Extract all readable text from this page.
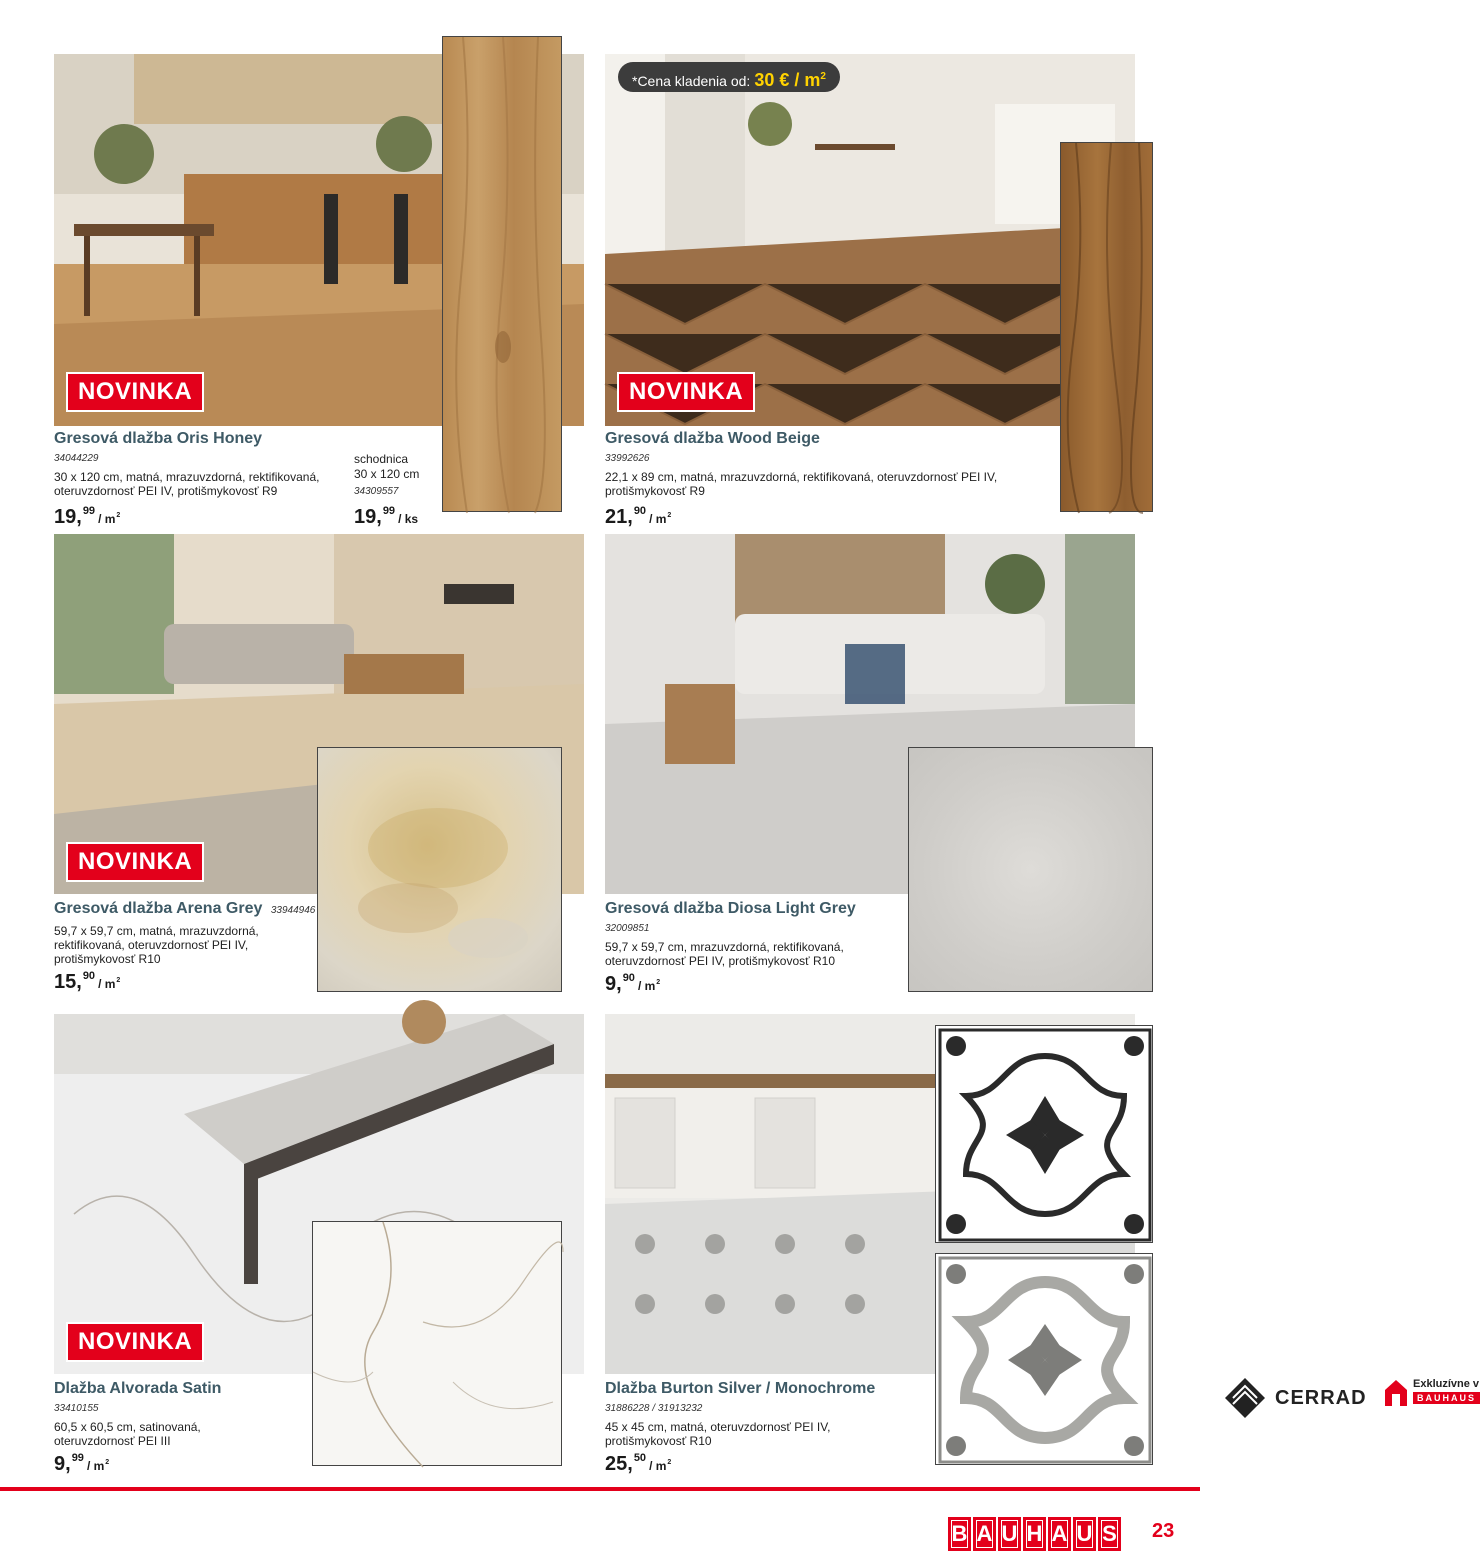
NOVINKA
Gresová dlažba Oris Honey
34044229
30 x 120 cm, matná, mrazuvzdorná, rektifikovaná, oteruvzdornosť PEI IV, protišmykovosť R9
19,99/ $m^2$
schodnica
30 x 120 cm
34309557
19,99/ ks
NOVINKA
*Cena kladenia od: 30 € / $m^2$
Gresová dlažba Wood Beige
33992626
22,1 x 89 cm, matná, mrazuvzdorná, rektifikovaná, oteruvzdornosť PEI IV, protišmykovosť R9
21,90/ $m^2$
NOVINKA
Gresová dlažba Arena Grey 33944946
59,7 x 59,7 cm, matná, mrazuvzdorná, rektifikovaná, oteruvzdornosť PEI IV, protišmykovosť R10
15,90/ $m^2$
CERRAD
Exkluzívne v
BAUHAUS
Gresová dlažba Diosa Light Grey
32009851
59,7 x 59,7 cm, mrazuvzdorná, rektifikovaná, oteruvzdornosť PEI IV, protišmykovosť R10
9,90/ $m^2$
NOVINKA
Dlažba Alvorada Satin
33410155
60,5 x 60,5 cm, satinovaná, oteruvzdornosť PEI III
9,99/ $m^2$
Dlažba Burton Silver / Monochrome
31886228 / 31913232
45 x 45 cm, matná, oteruvzdornosť PEI IV, protišmykovosť R10
25,50/ $m^2$
B A U H A U S 23
